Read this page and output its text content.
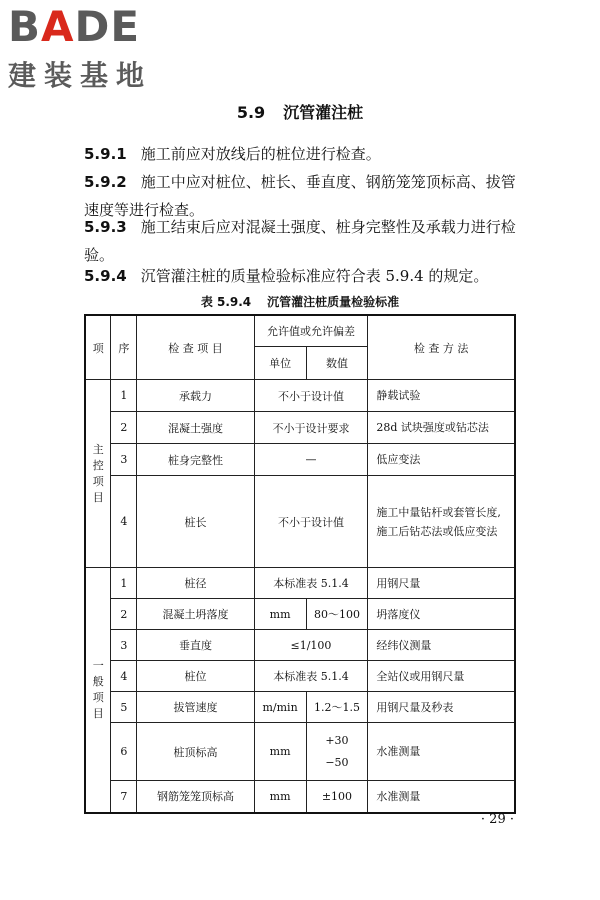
BADE
建装基地
5.9 沉管灌注桩
5.9.1 施工前应对放线后的桩位进行检查。
5.9.2 施工中应对桩位、桩长、垂直度、钢筋笼笼顶标高、拔管速度等进行检查。
5.9.3 施工结束后应对混凝土强度、桩身完整性及承载力进行检验。
5.9.4 沉管灌注桩的质量检验标准应符合表 5.9.4 的规定。
表 5.9.4 沉管灌注桩质量检验标准
项	序	检 查 项 目	允许值或允许偏差		检 查 方 法
			单位	数值	

主
控
项
目	1	承载力	不小于设计值		静载试验
	2	混凝土强度	不小于设计要求		28d 试块强度或钻芯法
	3	桩身完整性	—		低应变法
	4	桩长	不小于设计值		施工中量钻杆或套管长度,施工后钻芯法或低应变法

一
般
项
目	1	桩径	本标准表 5.1.4		用钢尺量
	2	混凝土坍落度	mm	80～100	坍落度仪
	3	垂直度	≤1/100		经纬仪测量
	4	桩位	本标准表 5.1.4		全站仪或用钢尺量
	5	拔管速度	m/min	1.2～1.5	用钢尺量及秒表
	6	桩顶标高	mm	+30
−50	水准测量
	7	钢筋笼笼顶标高	mm	±100	水准测量
· 29 ·
